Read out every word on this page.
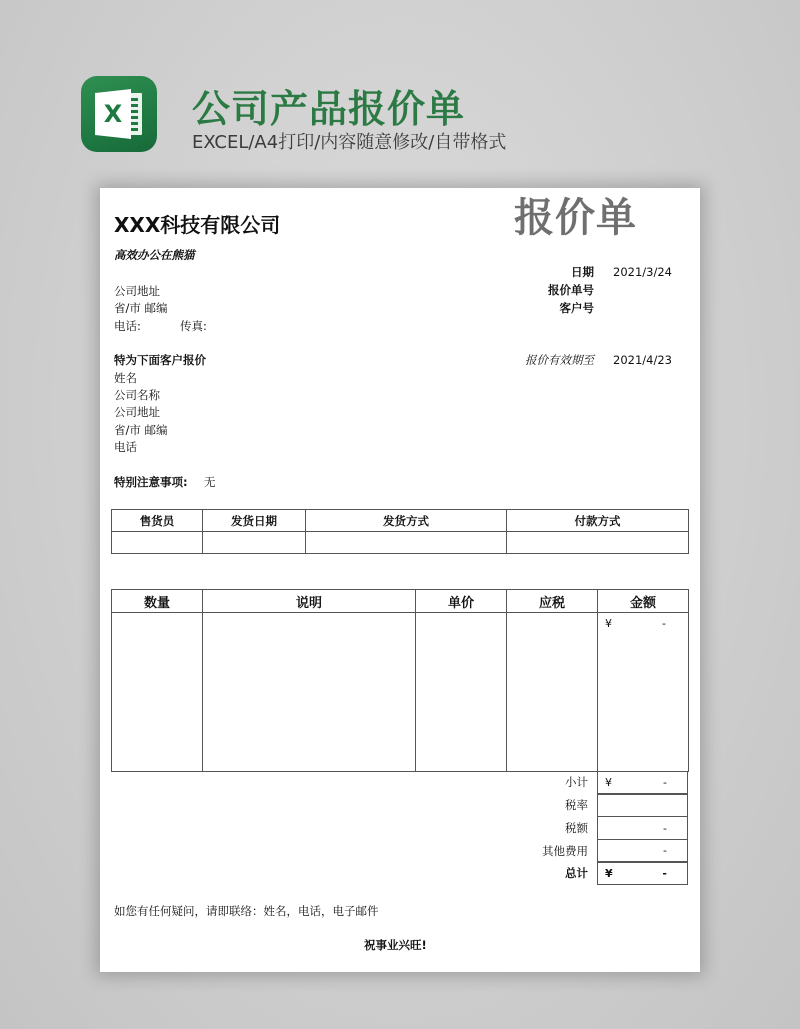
X 公司产品报价单
EXCEL/A4打印/内容随意修改/自带格式
XXX科技有限公司	报价单
高效办公在熊猫
公司地址
省/市 邮编
电话:	传真:
日期 2021/3/24
报价单号
客户号
特为下面客户报价
姓名
公司名称
公司地址
省/市 邮编
电话
报价有效期至 2021/4/23
特别注意事项: 无
售货员	发货日期	发货方式	付款方式

数量	说明	单价	应税	金额

				¥ -
小计 ¥	-
税率
税额	-
其他费用	-
总计 ¥	-
如您有任何疑问，请即联络：姓名，电话，电子邮件
祝事业兴旺!
